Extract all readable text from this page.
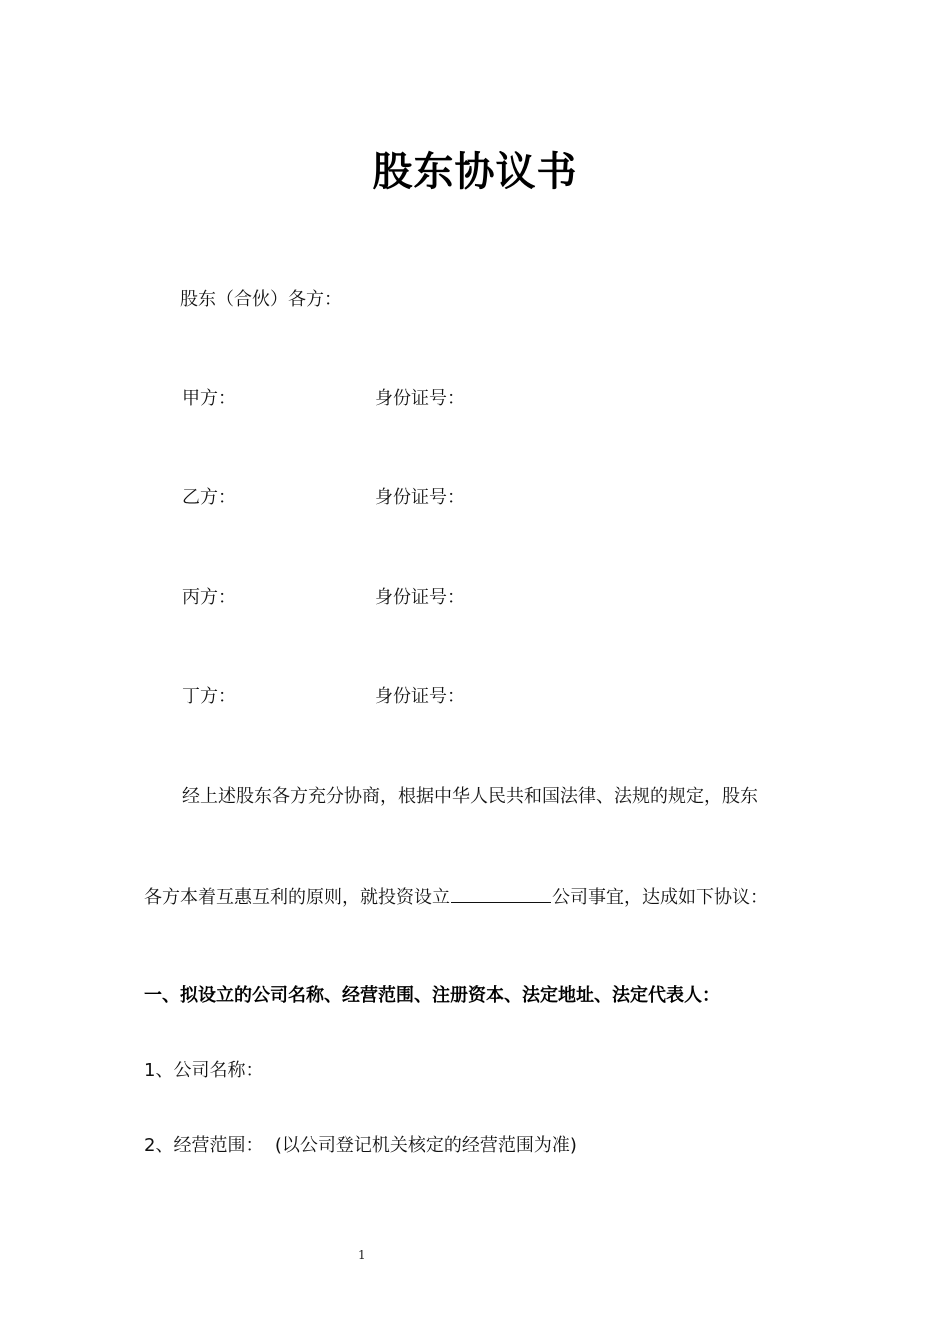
股东协议书
股东（合伙）各方：
甲方：	身份证号：
乙方：	身份证号：
丙方：	身份证号：
丁方：	身份证号：
经上述股东各方充分协商，根据中华人民共和国法律、法规的规定，股东
各方本着互惠互利的原则，就投资设立	公司事宜，达成如下协议：
一、拟设立的公司名称、经营范围、注册资本、法定地址、法定代表人：
1、公司名称：
2、经营范围：  (以公司登记机关核定的经营范围为准)
1
